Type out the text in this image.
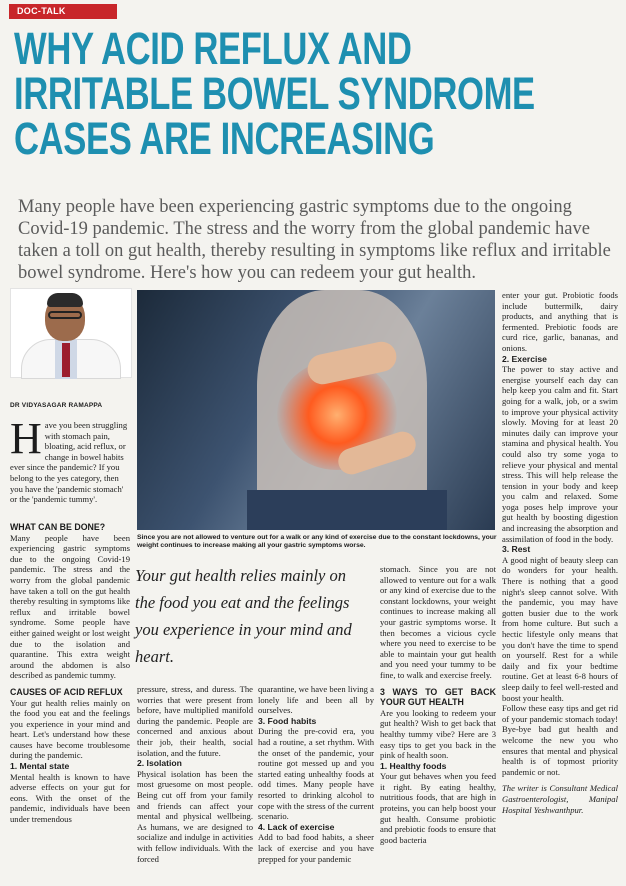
DOC-TALK
WHY ACID REFLUX AND
IRRITABLE BOWEL SYNDROME
CASES ARE INCREASING
Many people have been experiencing gastric symptoms due to the ongoing Covid-19 pandemic. The stress and the worry from the global pandemic have taken a toll on gut health, thereby resulting in symptoms like reflux and irritable bowel syndrome. Here's how you can redeem your gut health.
DR VIDYASAGAR RAMAPPA
H ave you been struggling with stomach pain, bloating, acid reflux, or change in bowel habits ever since the pandemic? If you belong to the yes category, then you have the 'pandemic stomach' or the 'pandemic tummy'.
WHAT CAN BE DONE?

Many people have been experiencing gastric symptoms due to the ongoing Covid-19 pandemic. The stress and the worry from the global pandemic have taken a toll on the gut health thereby resulting in symptoms like reflux and irritable bowel syndrome. Some people have either gained weight or lost weight due to the isolation and quarantine. This extra weight around the abdomen is also described as pandemic tummy.

CAUSES OF ACID REFLUX

Your gut health relies mainly on the food you eat and the feelings you experience in your mind and heart. Let's understand how these causes have become troublesome during the pandemic.

1. Mental state

Mental health is known to have adverse effects on your gut for eons. With the onset of the pandemic, individuals have been under tremendous

Since you are not allowed to venture out for a walk or any kind of exercise due to the constant lockdowns, your weight continues to increase making all your gastric symptoms worse.
Your gut health relies mainly on the food you eat and the feelings you experience in your mind and heart.

pressure, stress, and duress. The worries that were present from before, have multiplied manifold during the pandemic. People are concerned and anxious about their job, their health, social isolation, and the future.

2. Isolation

Physical isolation has been the most gruesome on most people. Being cut off from your family and friends can affect your mental and physical wellbeing. As humans, we are designed to socialize and indulge in activities with fellow individuals. With the forced

quarantine, we have been living a lonely life and been all by ourselves.

3. Food habits

During the pre-covid era, you had a routine, a set rhythm. With the onset of the pandemic, your routine got messed up and you started eating unhealthy foods at odd times. Many people have resorted to drinking alcohol to cope with the stress of the current scenario.

4. Lack of exercise

Add to bad food habits, a sheer lack of exercise and you have prepped for your pandemic

stomach. Since you are not allowed to venture out for a walk or any kind of exercise due to the constant lockdowns, your weight continues to increase making all your gastric symptoms worse. It then becomes a vicious cycle where you need to exercise to be able to maintain your gut health and you need your tummy to be fine, to walk and exercise freely.

3 WAYS TO GET BACK YOUR GUT HEALTH

Are you looking to redeem your gut health? Wish to get back that healthy tummy vibe? Here are 3 easy tips to get you back in the pink of health soon.

1. Healthy foods

Your gut behaves when you feed it right. By eating healthy, nutritious foods, that are high in proteins, you can help boost your gut health. Consume probiotic and prebiotic foods to ensure that good bacteria

enter your gut. Probiotic foods include buttermilk, dairy products, and anything that is fermented. Prebiotic foods are curd rice, garlic, bananas, and onions.

2. Exercise

The power to stay active and energise yourself each day can help keep you calm and fit. Start going for a walk, job, or a swim to improve your physical activity slowly. Moving for at least 20 minutes daily can improve your stamina and physical health. You could also try some yoga to relieve your physical and mental stress. This will help release the tension in your body and keep you calm and relaxed. Some yoga poses help improve your gut health by boosting digestion and increasing the absorption and assimilation of food in the body.

3. Rest

A good night of beauty sleep can do wonders for your health. There is nothing that a good night's sleep cannot solve. With the pandemic, you may have gotten busier due to the work from home culture. But such a hectic lifestyle only means that you don't have the time to spend on yourself. Rest for a while daily and fix your bedtime routine. Get at least 6-8 hours of sleep daily to feel well-rested and boost your health.

Follow these easy tips and get rid of your pandemic stomach today! Bye-bye bad gut health and welcome the new you who ensures that mental and physical health is of topmost priority pandemic or not.

The writer is Consultant Medical Gastroenterologist, Manipal Hospital Yeshwanthpur.
